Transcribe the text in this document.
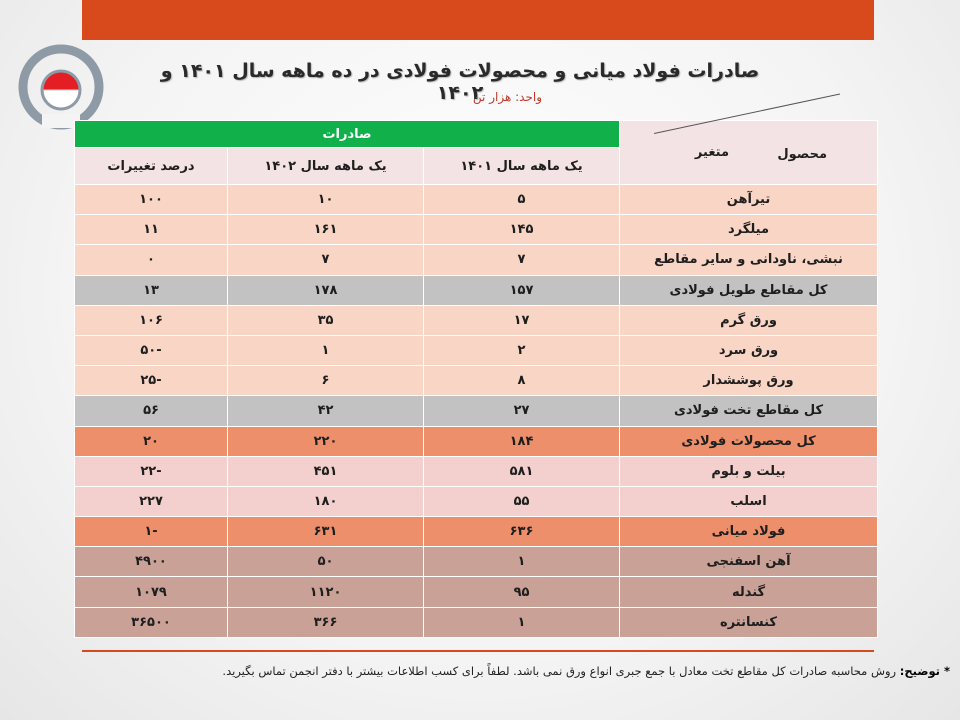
صادرات فولاد میانی و محصولات فولادی در ده ماهه سال ۱۴۰۱ و ۱۴۰۲
واحد: هزار تن
محصول
متغیر	صادرات		
	یک ماهه سال ۱۴۰۱	یک ماهه سال ۱۴۰۲	درصد تغییرات
تیرآهن	۵	۱۰	۱۰۰
میلگرد	۱۴۵	۱۶۱	۱۱
نبشی، ناودانی و سایر مقاطع	۷	۷	۰
کل مقاطع طویل فولادی	۱۵۷	۱۷۸	۱۳
ورق گرم	۱۷	۳۵	۱۰۶
ورق سرد	۲	۱	-۵۰
ورق پوششدار	۸	۶	-۲۵
کل مقاطع تخت فولادی	۲۷	۴۲	۵۶
کل محصولات فولادی	۱۸۴	۲۲۰	۲۰
بیلت و بلوم	۵۸۱	۴۵۱	-۲۲
اسلب	۵۵	۱۸۰	۲۲۷
فولاد میانی	۶۳۶	۶۳۱	-۱
آهن اسفنجی	۱	۵۰	۴۹۰۰
گندله	۹۵	۱۱۲۰	۱۰۷۹
کنسانتره	۱	۳۶۶	۳۶۵۰۰
* توضیح: روش محاسبه صادرات کل مقاطع تخت معادل با جمع جبری انواع ورق نمی باشد. لطفاً برای کسب اطلاعات بیشتر با دفتر انجمن تماس بگیرید.
